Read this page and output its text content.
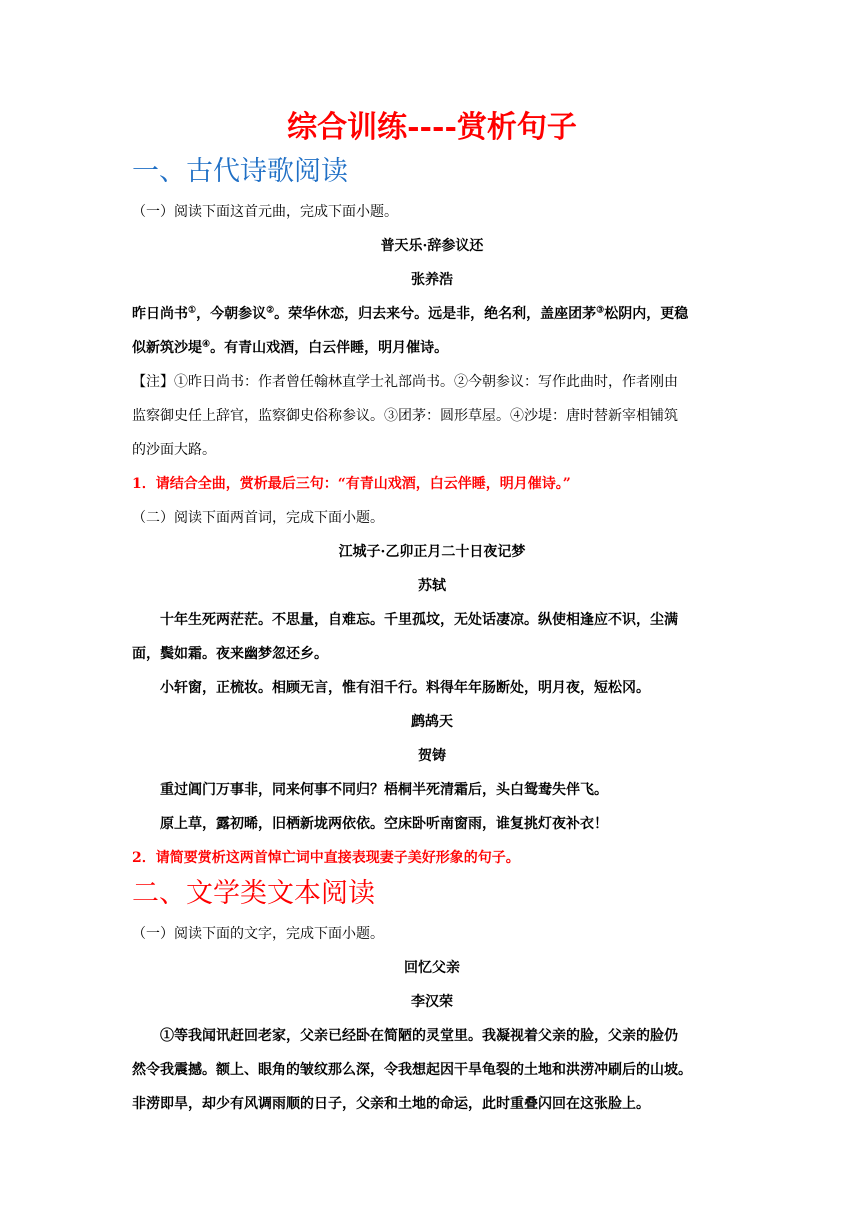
综合训练----赏析句子
一、古代诗歌阅读
（一）阅读下面这首元曲，完成下面小题。
普天乐·辞参议还
张养浩
昨日尚书①，今朝参议②。荣华休恋，归去来兮。远是非，绝名利，盖座团茅③松阴内，更稳
似新筑沙堤④。有青山戏酒，白云伴睡，明月催诗。
【注】①昨日尚书：作者曾任翰林直学士礼部尚书。②今朝参议：写作此曲时，作者刚由
监察御史任上辞官，监察御史俗称参议。③团茅：圆形草屋。④沙堤：唐时替新宰相铺筑
的沙面大路。
1．请结合全曲，赏析最后三句：“有青山戏酒，白云伴睡，明月催诗。”
（二）阅读下面两首词，完成下面小题。
江城子·乙卯正月二十日夜记梦
苏轼
十年生死两茫茫。不思量，自难忘。千里孤坟，无处话凄凉。纵使相逢应不识，尘满
面，鬓如霜。夜来幽梦忽还乡。
小轩窗，正梳妆。相顾无言，惟有泪千行。料得年年肠断处，明月夜，短松冈。
鹧鸪天
贺铸
重过阊门万事非，同来何事不同归？梧桐半死清霜后，头白鸳鸯失伴飞。
原上草，露初晞，旧栖新垅两依依。空床卧听南窗雨，谁复挑灯夜补衣！
2．请简要赏析这两首悼亡词中直接表现妻子美好形象的句子。
二、文学类文本阅读
（一）阅读下面的文字，完成下面小题。
回忆父亲
李汉荣
①等我闻讯赶回老家，父亲已经卧在简陋的灵堂里。我凝视着父亲的脸，父亲的脸仍
然令我震撼。额上、眼角的皱纹那么深，令我想起因干旱龟裂的土地和洪涝冲刷后的山坡。
非涝即旱，却少有风调雨顺的日子，父亲和土地的命运，此时重叠闪回在这张脸上。
